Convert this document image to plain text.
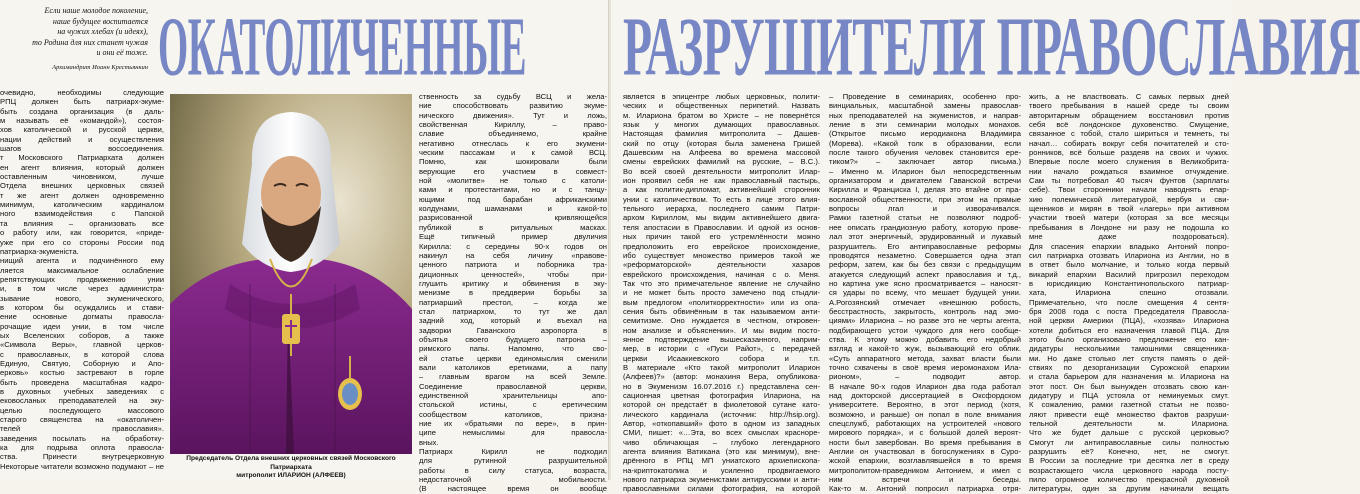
Если наше молодое поколение,
наше будущее воспитается
на чужих хлебах (и идеях),
то Родина для них станет чужая
и они её тоже.
Архимандрит Иоанн Крестьянкин ОКАТОЛИЧЕННЫЕ

очевидно, необходимы следующие

РПЦ должен быть патриарх-экуме-

быть создана организация (в даль-

м называть её «командой»), состоя-

хов католической и русской церкви,

нации действий и осуществления

шагов воссоединения.

т Московского Патриархата должен

ен агент влияния, который должен

оставленным чиновником, лучше

Отдела внешних церковных связей

т же агент должен одновременно

минимум, католическим кардиналом

ного взаимодействия с Папской

та влияния – организовать все

о работу или, как говорится, «приде-

уже при его со стороны России под

патриарха-экуменіста.

нищий агента и подчинённого ему

ляется максимальное ослабление

репятствующих продвижению унии

и, в том числе через администра-

зывание нового, экуменического,

в котором бы осуждались и стави-

ение основные догматы правосла-

рочащие идеи унии, в том числе

ых Вселенских соборов, а также

«Символа Веры», главной церков-

с православных, в которой слова

Единую, Святую, Соборную и Апо-

ерковь» костью застревают в горле

быть проведена масштабная кадро-

в духовных учебных заведениях с

ековосланых преподавателей на эку-

целью последующего массового

старого священства на «окатоличен-

телей православия».

заведения посылать на обработку-

ка для подрыва оплота правосла-

ства. Принести внутрецерковную

Некоторые читатели возможно подумают – не

Председатель Отдела внешних церковных связей Московского Патриархата
митрополит ИЛАРИОН (АЛФЕЕВ)

ственность за судьбу ВСЦ и жела-

ние способствовать развитию экуме-

нического движения». Тут и ложь,

свойственная Кириллу, – право-

славие объединяемо, крайне

негативно отнеслась к его экумени-

ческим пассажам и к самой ВСЦ.

Помню, как шокировали были

верующие его участием в совмест-

ной «молитве» не только с католи-

ками и протестантами, но и с танцу-

ющими под барабан африканскими

колдунами, шаманами и какой-то

разрисованной кривляющейся

публикой в ритуальных масках.

Ещё типичный пример двуличия

Кирилла: с середины 90-х годов он

накинул на себя личину «правове-

ценного патриота и поборника тра-

диционных ценностей», чтобы при-

глушить критику и обвинения в эку-

менизме в преддверии борьбы за

патриарший престол, – когда же

стал патриархом, то тут же дал

задний ход, который и въехал на

задворки Гаванского аэропорта в

объятья своего будущего патрона –

римского папы. Напомню, что сво-

ей статье церкви единомыслия сменили

вали католиков еретиками, а папу

– главным врагом на всей Земле.

Соединение православной церкви,

единственной хранительницы апо-

стольской истины, с еретическим

сообществом католиков, призна-

ние их «братьями по вере», в прин-

ципе немыслимы для правосла-

вных.

Патриарх Кирилл не подходил

для рутинной разрушительной

работы в силу статуса, возраста,

недостаточной мобильности.

(В настоящее время он вообще

РАЗРУШИТЕЛИ ПРАВОСЛАВИЯ

является в эпицентре любых церковных, полити-

ческих и общественных перипетий. Назвать

м. Илариона братом во Христе – не повернётся

язык у многих думающих православных.

Настоящая фамилия митрополита – Дашев-

ский по отцу (которая была заменена Гришей

Дашевским на Алфеева во времена массовой

смены еврейских фамилий на русские, – В.С.).

Во всей своей деятельности митрополит Илар-

ион проявил себя не как православный пастырь,

а как политик-дипломат, активнейший сторонник

унии с католичеством. То есть в лице этого влия-

тельного иерарха, последнего самим Патри-

архом Кириллом, мы видим активнейшего двига-

теля апостасии в Православии. И одной из основ-

ных причин такой его устремлённости можно

предположить его еврейское происхождение,

ибо существует множество примеров такой же

«реформаторской» деятельности хазаров

еврейского происхождения, начиная с о. Меня.

Так что это примечательное явление не случайно

и не может быть просто замечено под стыдли-

вым предлогом «политкорректности» или из опа-

сения быть обвинённым в так называемом анти-

семитизме. Оно нуждается в честном, откровен-

ном анализе и объяснении». И мы видим посто-

янное подтверждение вышесказанного, наприм-

мер, в истории с «Пуси Райот», с передачей

церкви Исаакиевского собора и т.п.

В материале «Кто такой митрополит Иларион

(Алфеев)?» (автор: монахиня Вера, опубликова-

но в Экуменизм 16.07.2016 г.) представлена сен-

сационная цветная фотография Илариона, на

которой он предстаёт в фиолетовой сутане като-

лического кардинала (источник: http://hsip.org).

Автор, «откопавший» фото в одном из западных

СМИ, пишет: «…Эта, во всех смыслах красноре-

чиво обличающая – глубоко легендарного

агента влияния Ватикана (это как минимум), вне-

дрённого в РПЦ МП униатского архиепископа-

на-криптокатолика и усиленно продвигаемого

нового патриарха экуменистами антирусскими и анти-

православными силами фотография, на которой

– Проведение в семинариях, особенно про-

винциальных, масштабной замены православ-

ных преподавателей на экуменистов, и направ-

ление в эти семинарии молодых монахов.

(Открытое письмо иеродиакона Владимира

(Морева). «Какой толк в образовании, если

после такого обучения человек становится ере-

тиком?» – заключает автор письма.)

– Именно м. Иларион был непосредственным

организатором и двигателем Гаванской встречи

Кирилла и Франциска I, делая это втайне от пра-

вославной общественности, при этом на прямые

вопросы лгал и изворачивался.

Рамки газетной статьи не позволяют подроб-

нее описать грандиозную работу, которую прове-

лал этот энергичный, эрудированный и лукавый

разрушитель. Его антиправославные реформы

проводятся незаметно. Совершается одна этап

реформ, затем, как бы без связи с предыдущим

атакуется следующий аспект православия и т.д.,

но картина уже ясно просматривается – наносят-

ся удары по всему, что мешает будущей унии.

А.Рогозянский отмечает «внешнюю робость,

бесстрастность, закрытость, контроль над эмо-

циями» Илариона – но разве это не черты агента,

подбирающего устои чуждого для него сообще-

ства. К этому можно добавить его недобрый

взгляд и какой-то жуж, вызывающий его облик.

«Суть аппаратного метода, захват власти были

точно схвачены в своё время иеромонахом Ила-

рионом», – подводит автор.

В начале 90-х годов Иларион два года работал

над докторской диссертацией в Оксфордском

университете. Вероятно, в этот период (хотя,

возможно, и раньше) он попал в поле внимания

спецслужб, работающих на устроителей «нового

мирового порядка», и с большой долей вероят-

ности был завербован. Во время пребывания в

Англии он участвовал в богослужениях в Суро-

жской епархии, возглавлявшейся в то время

митрополитом-праведником Антонием, и имел с

ним встречи и беседы.

Как-то м. Антоний попросил патриарха отря-

жить, а не властвовать. С самых первых дней

твоего пребывания в нашей среде ты своим

авторитарным обращением восстановил против

себя всё лондонское духовенство. Смущение,

связанное с тобой, стало шириться и темнеть, ты

начал… собирать вокруг себя почитателей и сто-

ронников, всё больше раздеяв на своих и чужих.

Впервые после моего служения в Великобрита-

нии начало рождаться взаимное отчуждение.

Сам ты потребовал 40 тысяч фунтов (зарплаты

себе). Твои сторонники начали наводнять епар-

хию полемической литературой, вербуя и сви-

щенников и мирян в твой «лагерь» при активном

участии твоей матери (которая за все месяцы

пребывания в Лондоне ни разу не подошла ко

мне даже поздороваться).

Для спасения епархии владыко Антоний попро-

сил патриарха отозвать Илариона из Англии, но в

в ответ было молчание, и только когда первый

викарий епархии Василий пригрозил переходом

в юрисдикцию Константинопольского патриар-

хата, Илариона спешно отозвали.

Примечательно, что после смещения 4 сентя-

бря 2008 года с поста Председателя Правосла-

ной церкви Америки (ПЦА), «хозява» Илариона

хотели добиться его назначения главой ПЦА. Для

этого было организовано предложение его кан-

дидатуры несколькими тамошними священника-

ми. Но даже столько лет спустя память о дей-

ствиях по дезорганизации Сурожской епархии

и стала барьером для назначения м. Илариона на

этот пост. Он был вынужден отозвать свою кан-

дидатуру и ПЦА устояла от неминуемых смут.

К сожалению, рамки газетной статьи не позво-

ляют привести ещё множество фактов разруши-

тельной деятельности м. Илариона.

Что же будет дальше с русской церковью?

Смогут ли антиправославные силы полностью

разрушить её? Конечно, нет, не смогут.

В России за последние три десятка лет в среду

возрастающего числа церковного народа посту-

пило огромное количество прекрасной духовной

литературы, один за другим начинали вещать
